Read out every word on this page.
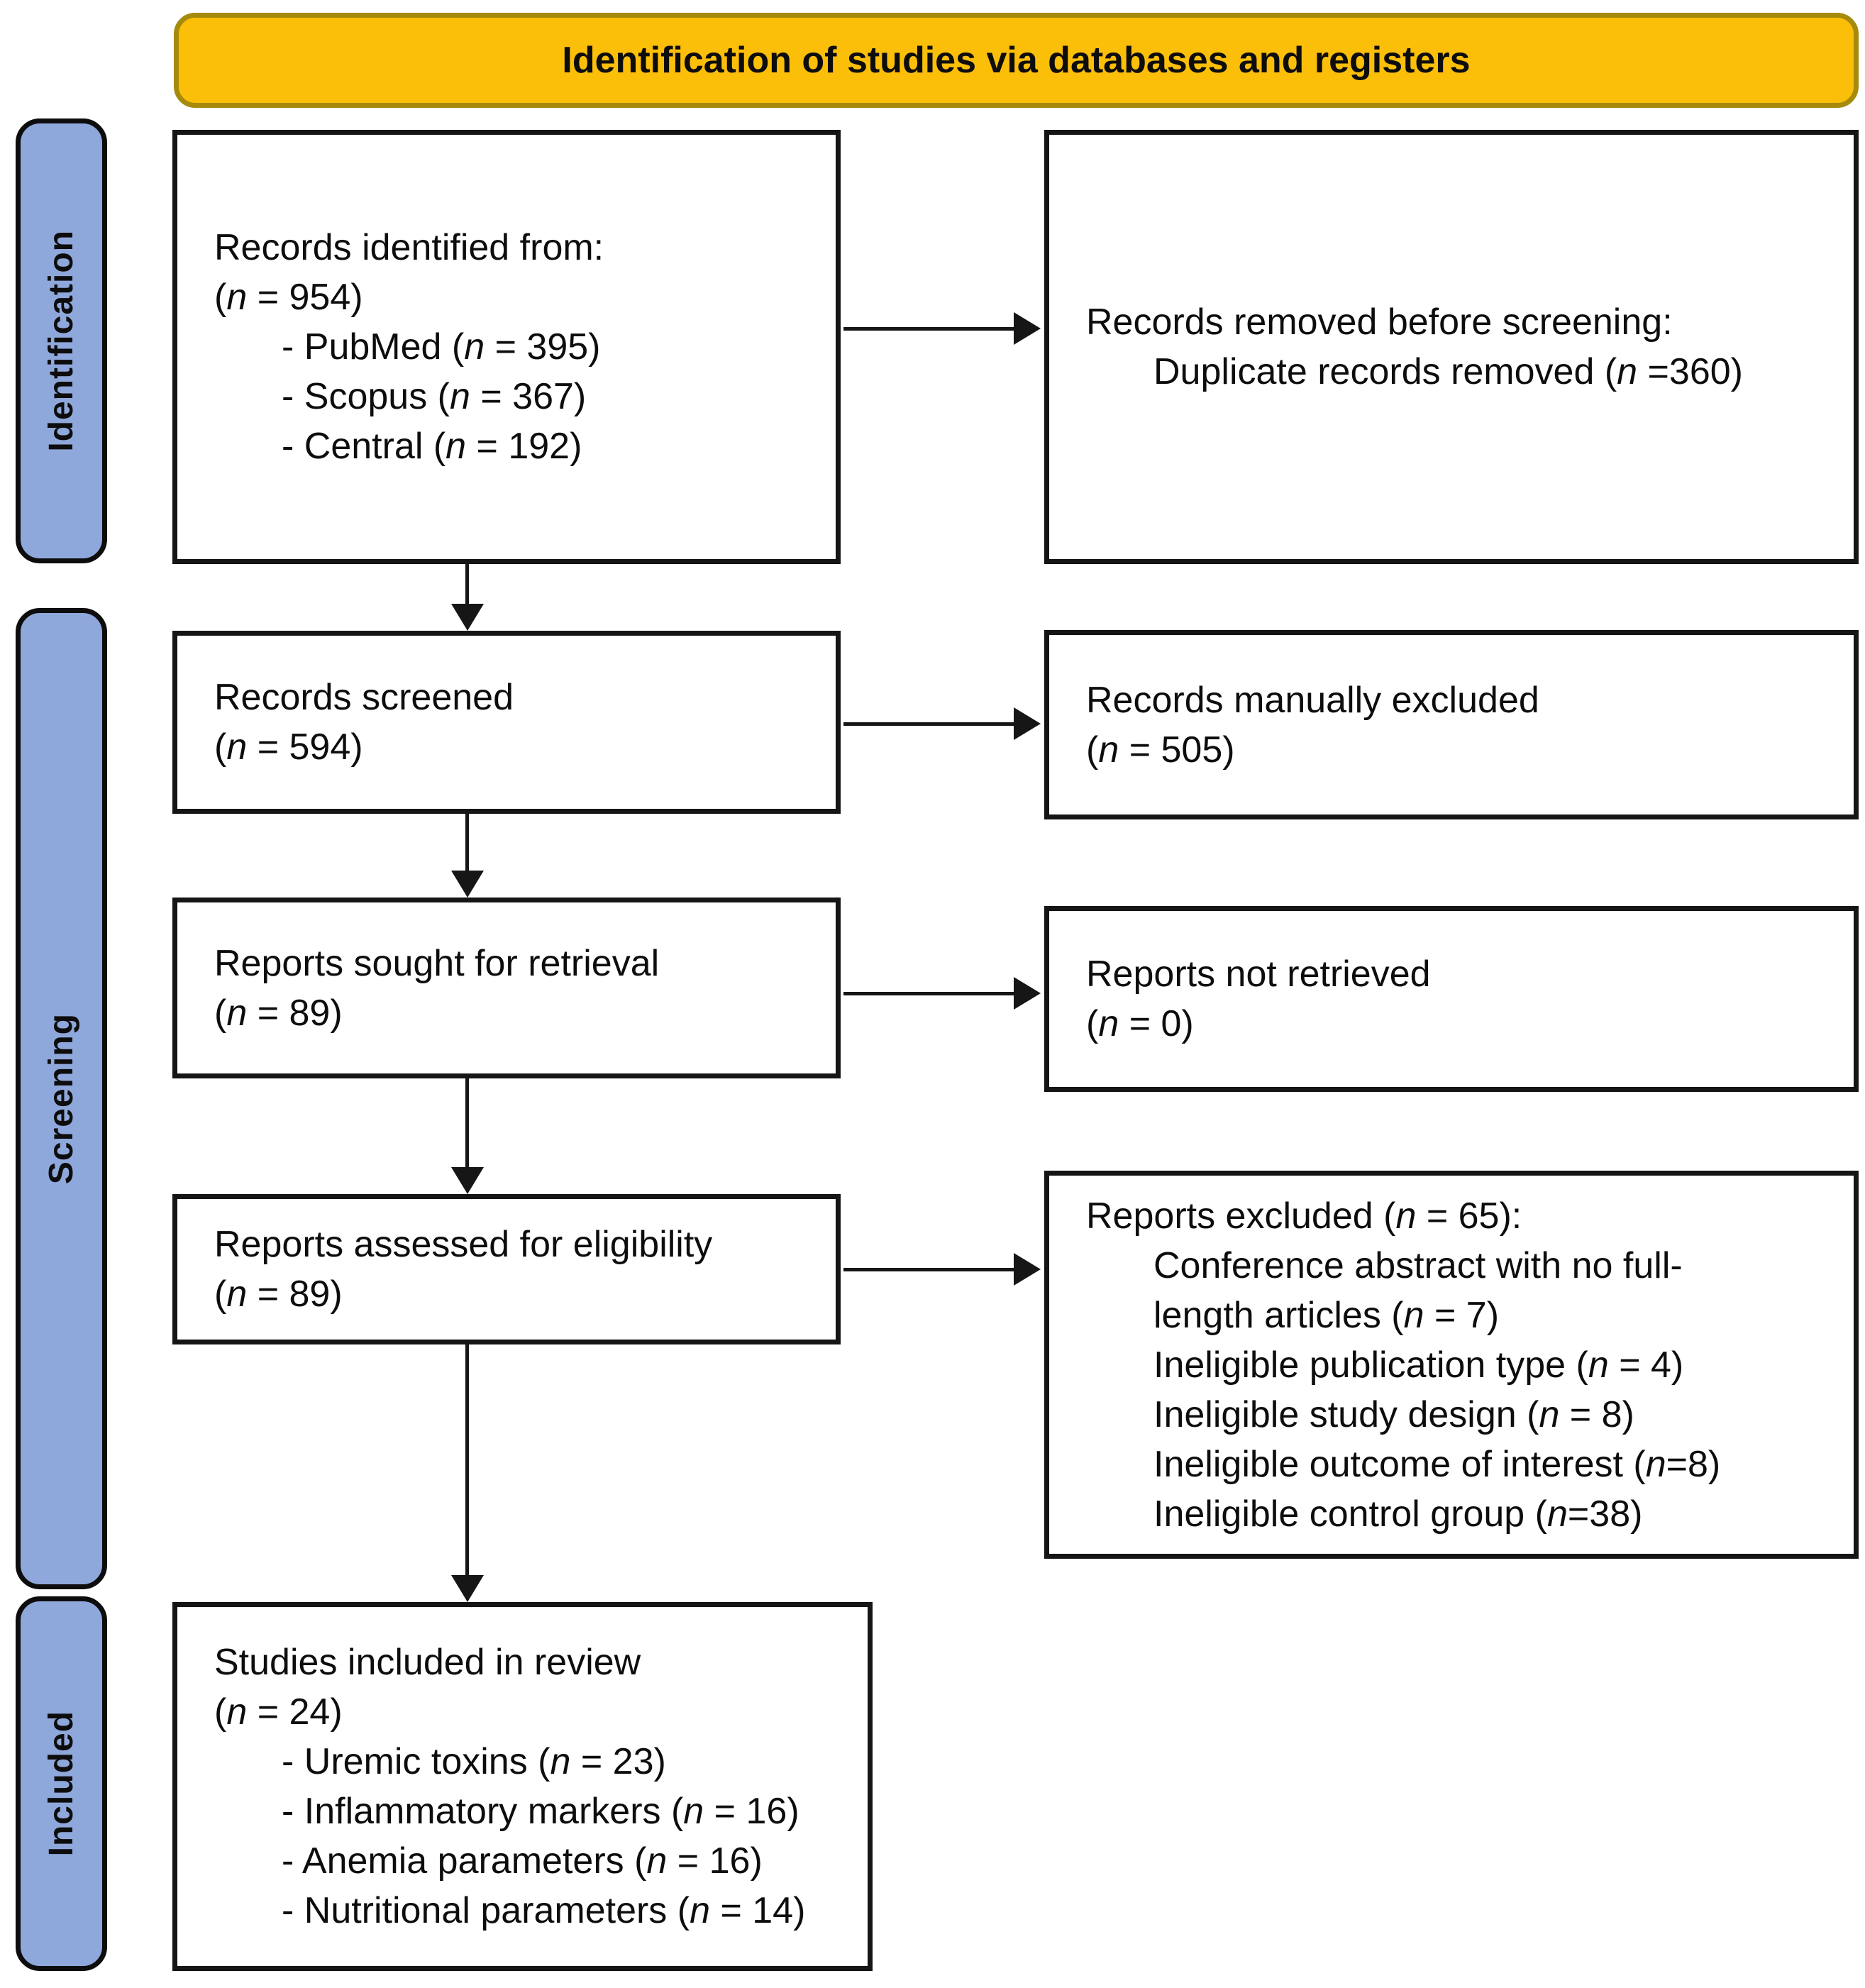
Identification of studies via databases and registers
Identification
Screening
Included
Records identified from:
(n = 954)
- PubMed (n = 395)
- Scopus (n = 367)
- Central (n = 192)
Records removed before screening:
Duplicate records removed (n =360)
Records screened
(n = 594)
Records manually excluded
(n = 505)
Reports sought for retrieval
(n = 89)
Reports not retrieved
(n = 0)
Reports assessed for eligibility
(n = 89)
Reports excluded (n = 65):
Conference abstract with no full-
length articles (n = 7)
Ineligible publication type (n = 4)
Ineligible study design (n = 8)
Ineligible outcome of interest (n=8)
Ineligible control group (n=38)
Studies included in review
(n = 24)
- Uremic toxins (n = 23)
- Inflammatory markers (n = 16)
- Anemia parameters (n = 16)
- Nutritional parameters (n = 14)
